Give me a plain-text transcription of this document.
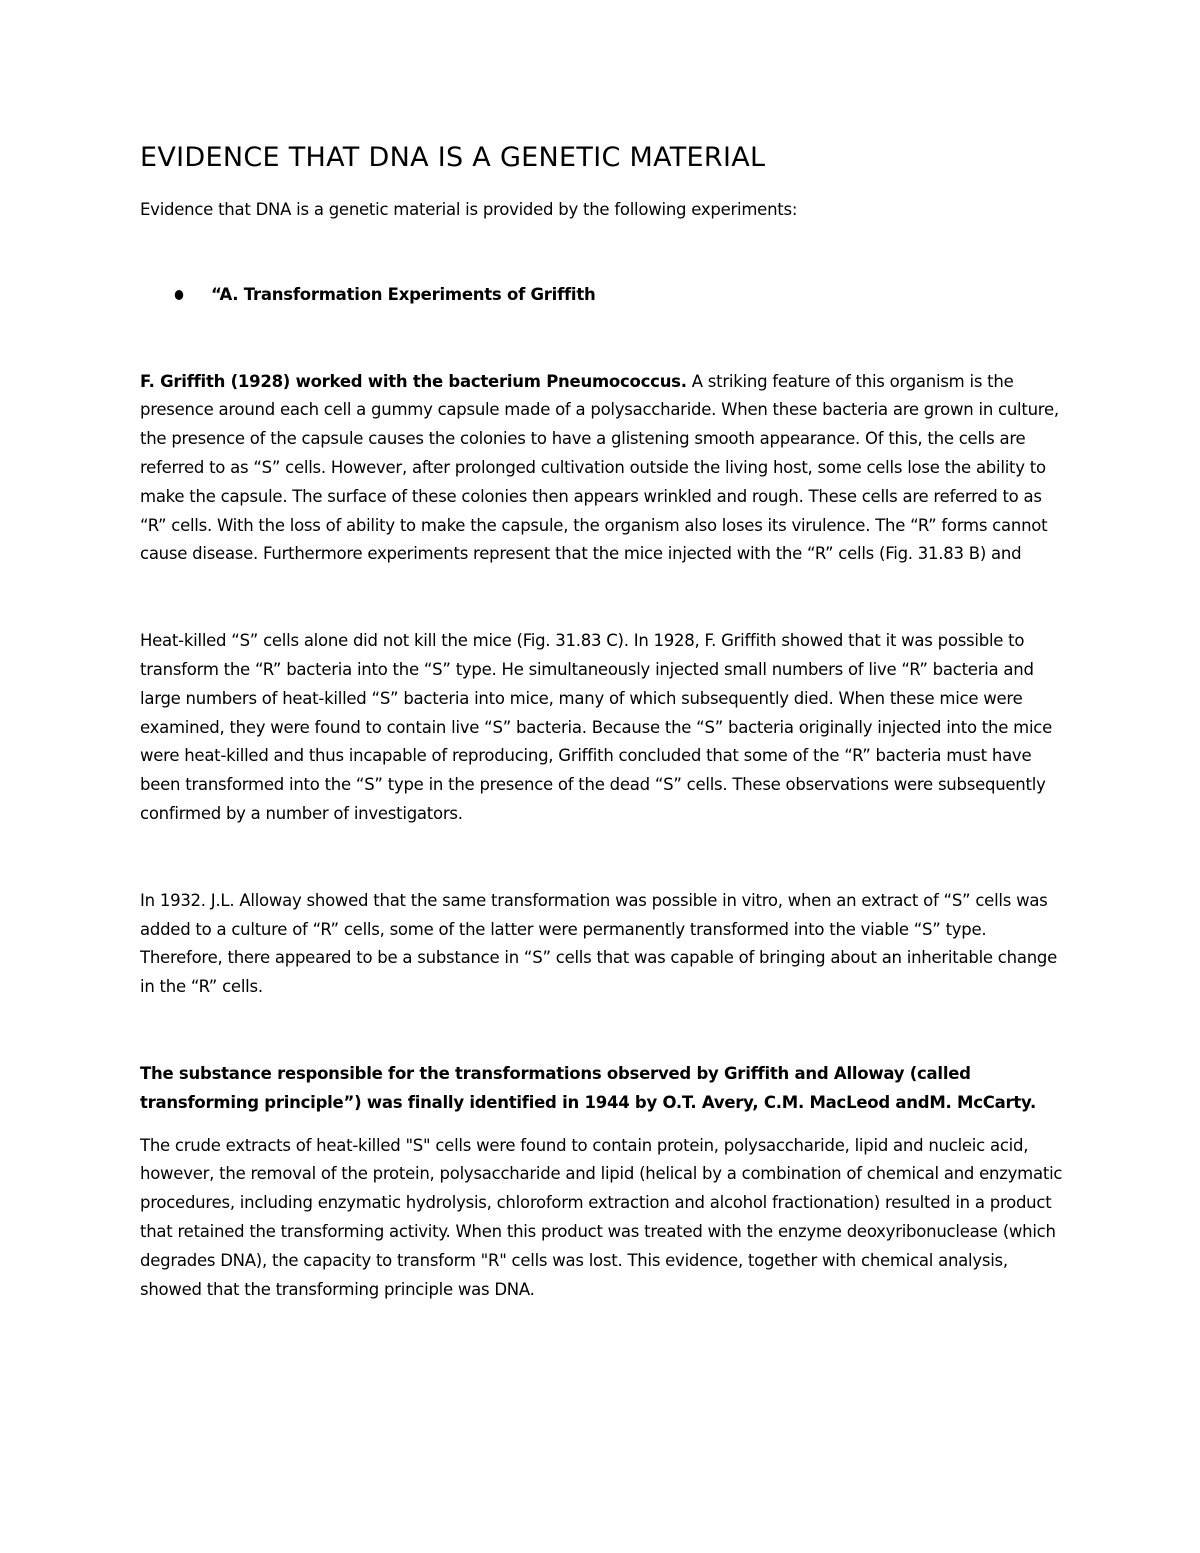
EVIDENCE THAT DNA IS A GENETIC MATERIAL

Evidence that DNA is a genetic material is provided by the following experiments:

“A. Transformation Experiments of Griffith

F. Griffith (1928) worked with the bacterium Pneumococcus. A striking feature of this organism is the presence around each cell a gummy capsule made of a polysaccharide. When these bacteria are grown in culture, the presence of the capsule causes the colonies to have a glistening smooth appearance. Of this, the cells are referred to as “S” cells. However, after prolonged cultivation outside the living host, some cells lose the ability to make the capsule. The surface of these colonies then appears wrinkled and rough. These cells are referred to as “R” cells. With the loss of ability to make the capsule, the organism also loses its virulence. The “R” forms cannot cause disease. Furthermore experiments represent that the mice injected with the “R” cells (Fig. 31.83 B) and

Heat-killed “S” cells alone did not kill the mice (Fig. 31.83 C). In 1928, F. Griffith showed that it was possible to transform the “R” bacteria into the “S” type. He simultaneously injected small numbers of live “R” bacteria and large numbers of heat-killed “S” bacteria into mice, many of which subsequently died. When these mice were examined, they were found to contain live “S” bacteria. Because the “S” bacteria originally injected into the mice were heat-killed and thus incapable of reproducing, Griffith concluded that some of the “R” bacteria must have been transformed into the “S” type in the presence of the dead “S” cells. These observations were subsequently confirmed by a number of investigators.

In 1932. J.L. Alloway showed that the same transformation was possible in vitro, when an extract of “S” cells was added to a culture of “R” cells, some of the latter were permanently transformed into the viable “S” type. Therefore, there appeared to be a substance in “S” cells that was capable of bringing about an inheritable change in the “R” cells.

The substance responsible for the transformations observed by Griffith and Alloway (called transforming principle”) was finally identified in 1944 by O.T. Avery, C.M. MacLeod andM. McCarty.

The crude extracts of heat-killed "S" cells were found to contain protein, polysaccharide, lipid and nucleic acid, however, the removal of the protein, polysaccharide and lipid (helical by a combination of chemical and enzymatic procedures, including enzymatic hydrolysis, chloroform extraction and alcohol fractionation) resulted in a product that retained the transforming activity. When this product was treated with the enzyme deoxyribonuclease (which degrades DNA), the capacity to transform "R" cells was lost. This evidence, together with chemical analysis, showed that the transforming principle was DNA.
